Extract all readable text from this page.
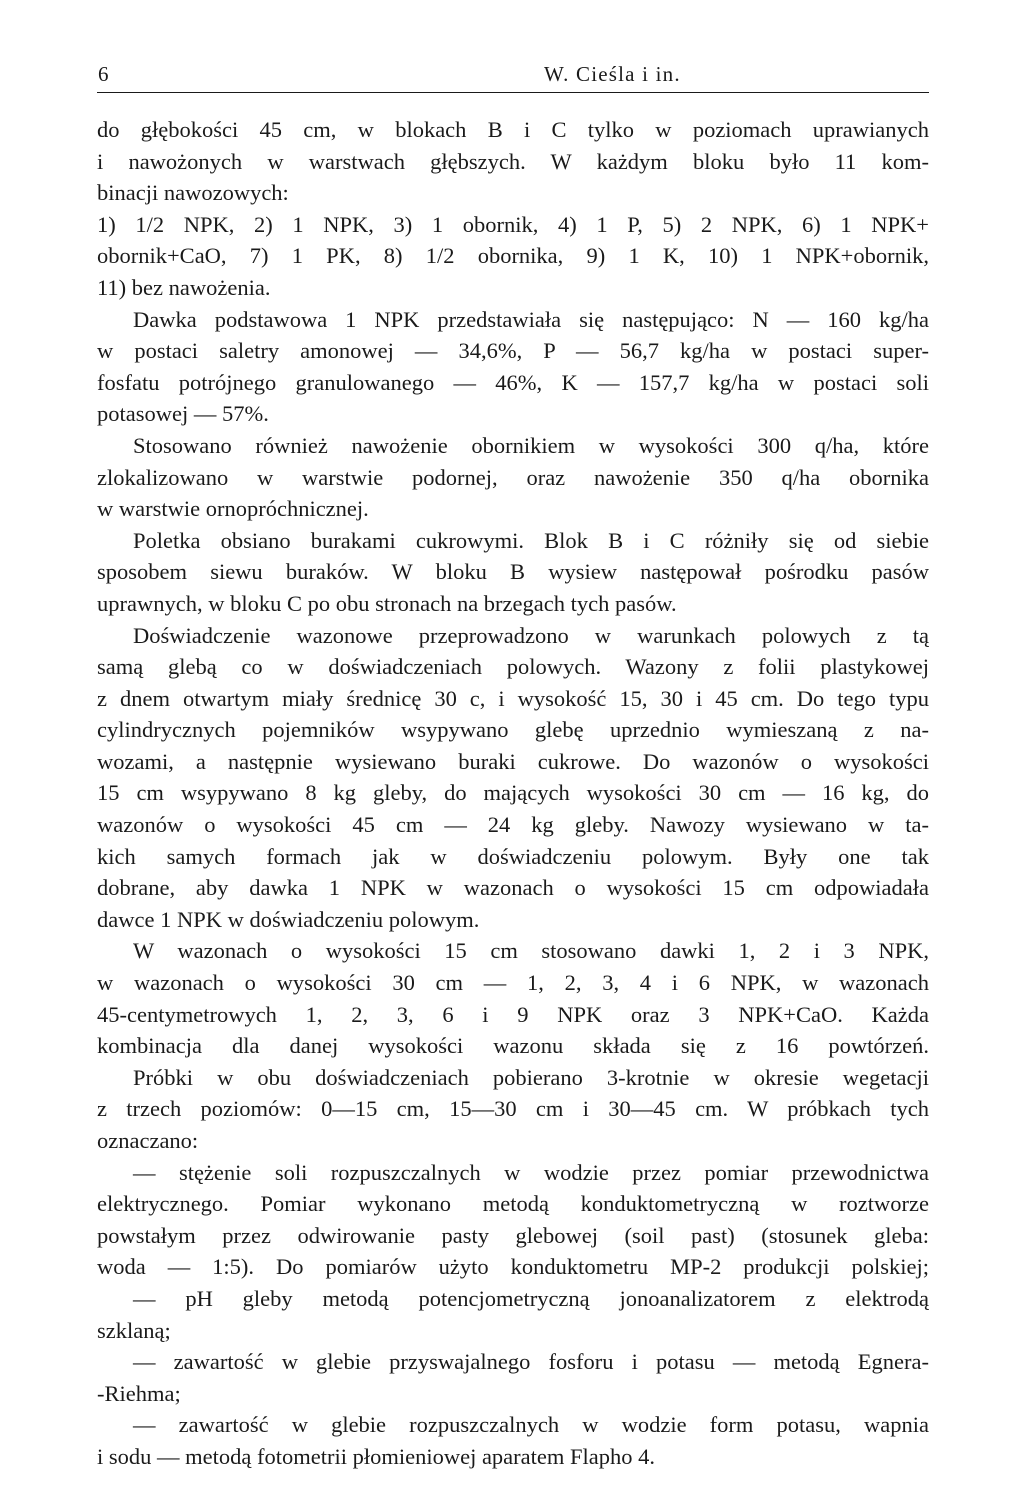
6	W. Cieśla i in.
do głębokości 45 cm, w blokach B i C tylko w poziomach uprawianych
i nawożonych w warstwach głębszych. W każdym bloku było 11 kom-
binacji nawozowych:
1) 1/2 NPK, 2) 1 NPK, 3) 1 obornik, 4) 1 P, 5) 2 NPK, 6) 1 NPK+
obornik+CaO, 7) 1 PK, 8) 1/2 obornika, 9) 1 K, 10) 1 NPK+obornik,
11) bez nawożenia.
Dawka podstawowa 1 NPK przedstawiała się następująco: N — 160 kg/ha
w postaci saletry amonowej — 34,6%, P — 56,7 kg/ha w postaci super-
fosfatu potrójnego granulowanego — 46%, K — 157,7 kg/ha w postaci soli
potasowej — 57%.
Stosowano również nawożenie obornikiem w wysokości 300 q/ha, które
zlokalizowano w warstwie podornej, oraz nawożenie 350 q/ha obornika
w warstwie ornopróchnicznej.
Poletka obsiano burakami cukrowymi. Blok B i C różniły się od siebie
sposobem siewu buraków. W bloku B wysiew następował pośrodku pasów
uprawnych, w bloku C po obu stronach na brzegach tych pasów.
Doświadczenie wazonowe przeprowadzono w warunkach polowych z tą
samą glebą co w doświadczeniach polowych. Wazony z folii plastykowej
z dnem otwartym miały średnicę 30 c, i wysokość 15, 30 i 45 cm. Do tego typu
cylindrycznych pojemników wsypywano glebę uprzednio wymieszaną z na-
wozami, a następnie wysiewano buraki cukrowe. Do wazonów o wysokości
15 cm wsypywano 8 kg gleby, do mających wysokości 30 cm — 16 kg, do
wazonów o wysokości 45 cm — 24 kg gleby. Nawozy wysiewano w ta-
kich samych formach jak w doświadczeniu polowym. Były one tak
dobrane, aby dawka 1 NPK w wazonach o wysokości 15 cm odpowiadała
dawce 1 NPK w doświadczeniu polowym.
W wazonach o wysokości 15 cm stosowano dawki 1, 2 i 3 NPK,
w wazonach o wysokości 30 cm — 1, 2, 3, 4 i 6 NPK, w wazonach
45-centymetrowych 1, 2, 3, 6 i 9 NPK oraz 3 NPK+CaO. Każda
kombinacja dla danej wysokości wazonu składa się z 16 powtórzeń.
Próbki w obu doświadczeniach pobierano 3-krotnie w okresie wegetacji
z trzech poziomów: 0—15 cm, 15—30 cm i 30—45 cm. W próbkach tych
oznaczano:
— stężenie soli rozpuszczalnych w wodzie przez pomiar przewodnictwa
elektrycznego. Pomiar wykonano metodą konduktometryczną w roztworze
powstałym przez odwirowanie pasty glebowej (soil past) (stosunek gleba:
woda — 1:5). Do pomiarów użyto konduktometru MP-2 produkcji polskiej;
— pH gleby metodą potencjometryczną jonoanalizatorem z elektrodą
szklaną;
— zawartość w glebie przyswajalnego fosforu i potasu — metodą Egnera-
-Riehma;
— zawartość w glebie rozpuszczalnych w wodzie form potasu, wapnia
i sodu — metodą fotometrii płomieniowej aparatem Flapho 4.
